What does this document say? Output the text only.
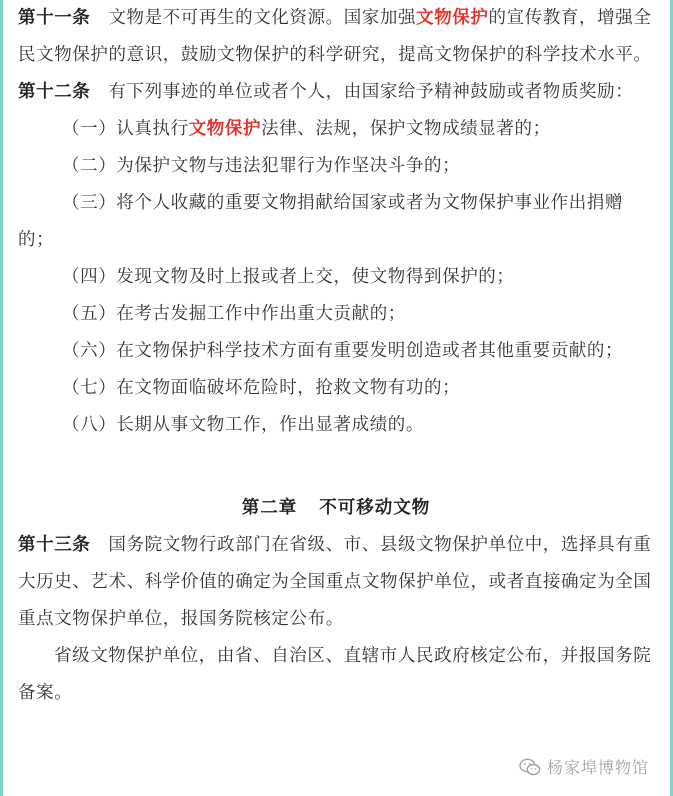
第十一条 文物是不可再生的文化资源。国家加强文物保护的宣传教育，增强全民文物保护的意识，鼓励文物保护的科学研究，提高文物保护的科学技术水平。

第十二条 有下列事迹的单位或者个人，由国家给予精神鼓励或者物质奖励：

（一）认真执行文物保护法律、法规，保护文物成绩显著的；

（二）为保护文物与违法犯罪行为作坚决斗争的；

（三）将个人收藏的重要文物捐献给国家或者为文物保护事业作出捐赠的；

（四）发现文物及时上报或者上交，使文物得到保护的；

（五）在考古发掘工作中作出重大贡献的；

（六）在文物保护科学技术方面有重要发明创造或者其他重要贡献的；

（七）在文物面临破坏危险时，抢救文物有功的；

（八）长期从事文物工作，作出显著成绩的。

第二章 不可移动文物

第十三条 国务院文物行政部门在省级、市、县级文物保护单位中，选择具有重大历史、艺术、科学价值的确定为全国重点文物保护单位，或者直接确定为全国重点文物保护单位，报国务院核定公布。

省级文物保护单位，由省、自治区、直辖市人民政府核定公布，并报国务院备案。

杨家埠博物馆
